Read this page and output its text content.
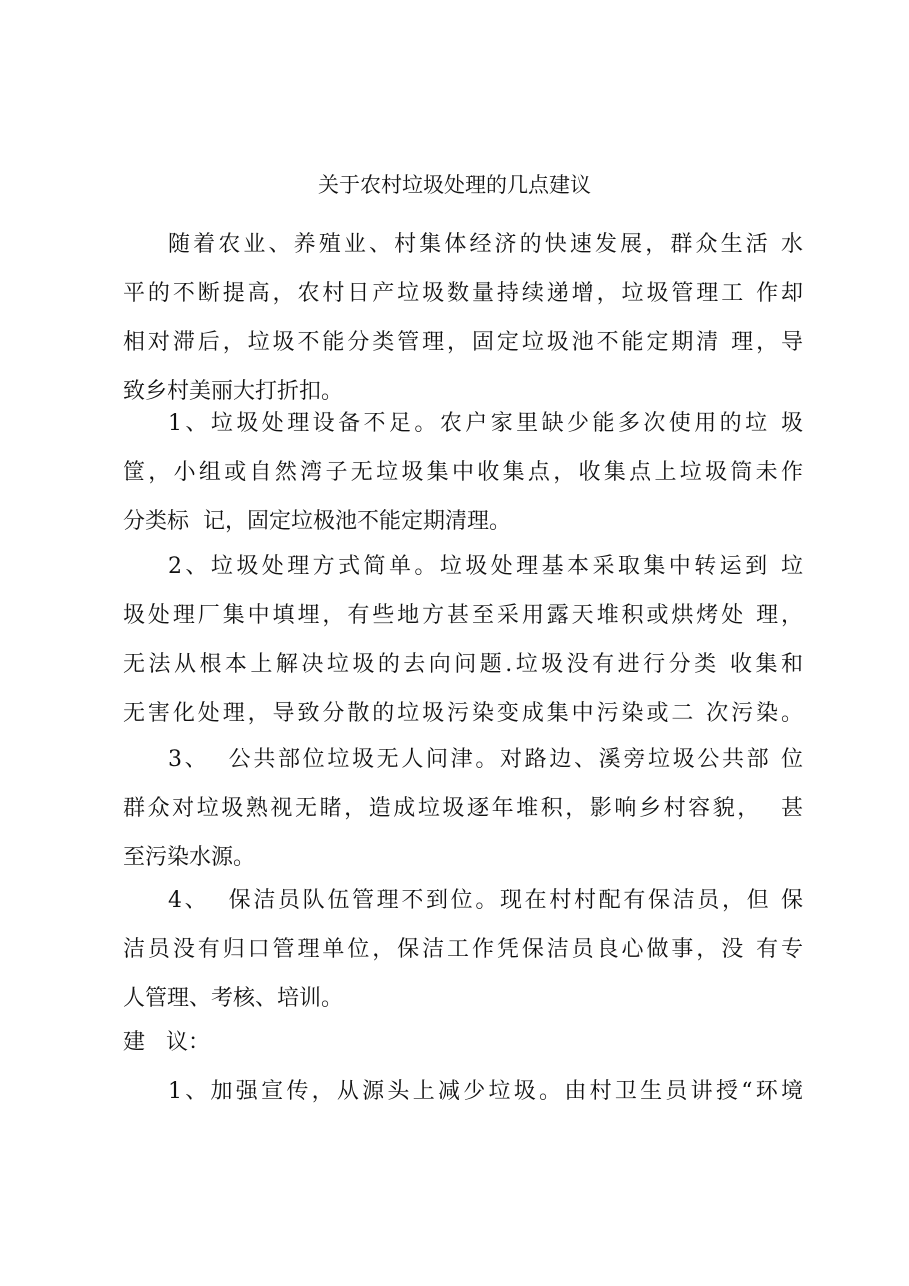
关于农村垃圾处理的几点建议
随着农业、养殖业、村集体经济的快速发展，群众生活 水
平的不断提高，农村日产垃圾数量持续递增，垃圾管理工 作却
相对滞后，垃圾不能分类管理，固定垃圾池不能定期清 理，导
致乡村美丽大打折扣。
1、垃圾处理设备不足。农户家里缺少能多次使用的垃 圾
筐，小组或自然湾子无垃圾集中收集点，收集点上垃圾筒未作
分类标  记，固定垃极池不能定期清理。
2、垃圾处理方式简单。垃圾处理基本采取集中转运到 垃
圾处理厂集中填埋，有些地方甚至采用露天堆积或烘烤处 理，
无法从根本上解决垃圾的去向问题.垃圾没有进行分类 收集和
无害化处理，导致分散的垃圾污染变成集中污染或二 次污染。
3、  公共部位垃圾无人问津。对路边、溪旁垃圾公共部 位
群众对垃圾熟视无睹，造成垃圾逐年堆积，影响乡村容貌，  甚
至污染水源。
4、  保洁员队伍管理不到位。现在村村配有保洁员，但 保
洁员没有归口管理单位，保洁工作凭保洁员良心做事，没 有专
人管理、考核、培训。
建   议：
1、加强宣传，从源头上减少垃圾。由村卫生员讲授“环境
